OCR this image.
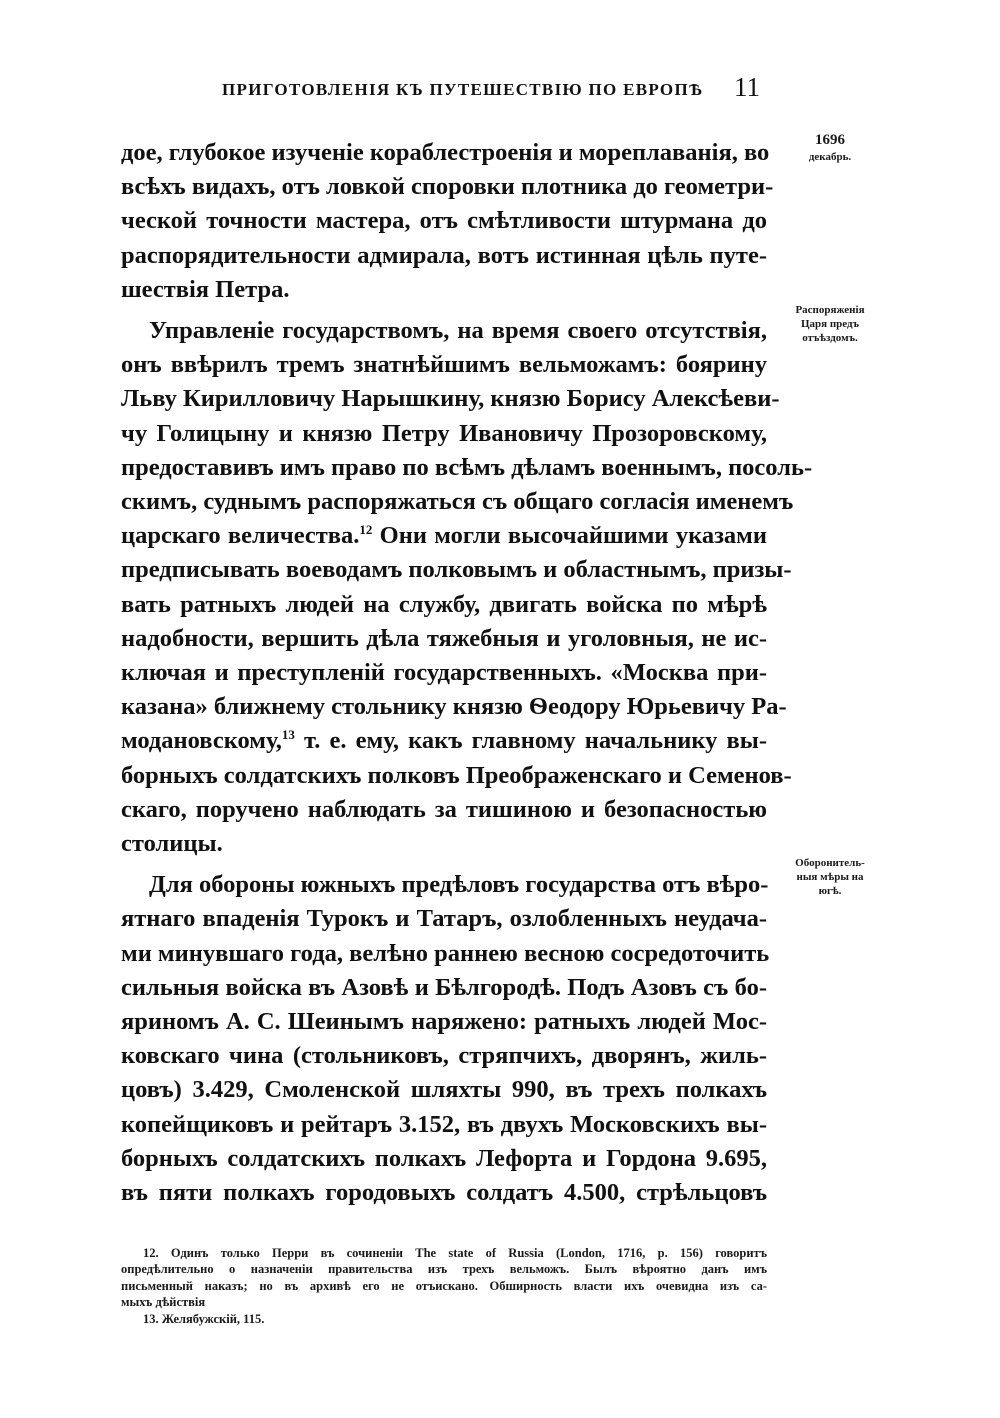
ПРИГОТОВЛЕНІЯ КЪ ПУТЕШЕСТВІЮ ПО ЕВРОПѢ 11
1696
декабрь.
Распоряженія
Царя предъ
отъѣздомъ.
Оборонитель-
ныя мѣры на
югѣ.
дое, глубокое изученіе кораблестроенія и мореплаванія, во
всѣхъ видахъ, отъ ловкой споровки плотника до геометри-
ческой точности мастера, отъ смѣтливости штурмана до
распорядительности адмирала, вотъ истинная цѣль путе-
шествія Петра.
Управленіе государствомъ, на время своего отсутствія,
онъ ввѣрилъ тремъ знатнѣйшимъ вельможамъ: боярину
Льву Кирилловичу Нарышкину, князю Борису Алексѣеви-
чу Голицыну и князю Петру Ивановичу Прозоровскому,
предоставивъ имъ право по всѣмъ дѣламъ военнымъ, посоль-
скимъ, суднымъ распоряжаться съ общаго согласія именемъ
царскаго величества.$^{12}$ Они могли высочайшими указами
предписывать воеводамъ полковымъ и областнымъ, призы-
вать ратныхъ людей на службу, двигать войска по мѣрѣ
надобности, вершить дѣла тяжебныя и уголовныя, не ис-
ключая и преступленій государственныхъ. «Москва при-
казана» ближнему стольнику князю Ѳеодору Юрьевичу Ра-
модановскому,$^{13}$ т. е. ему, какъ главному начальнику вы-
борныхъ солдатскихъ полковъ Преображенскаго и Семенов-
скаго, поручено наблюдать за тишиною и безопасностью
столицы.
Для обороны южныхъ предѣловъ государства отъ вѣро-
ятнаго впаденія Турокъ и Татаръ, озлобленныхъ неудача-
ми минувшаго года, велѣно раннею весною сосредоточить
сильныя войска въ Азовѣ и Бѣлгородѣ. Подъ Азовъ съ бо-
яриномъ А. С. Шеинымъ наряжено: ратныхъ людей Мос-
ковскаго чина (стольниковъ, стряпчихъ, дворянъ, жиль-
цовъ) 3.429, Смоленской шляхты 990, въ трехъ полкахъ
копейщиковъ и рейтаръ 3.152, въ двухъ Московскихъ вы-
борныхъ солдатскихъ полкахъ Лефорта и Гордона 9.695,
въ пяти полкахъ городовыхъ солдатъ 4.500, стрѣльцовъ
12. Одинъ только Перри въ сочиненіи The state of Russia (London, 1716, p. 156) говоритъ
опредѣлительно о назначеніи правительства изъ трехъ вельможъ. Былъ вѣроятно данъ имъ
письменный наказъ; но въ архивѣ его не отъискано. Обширность власти ихъ очевидна изъ са-
мыхъ дѣйствія
13. Желябужскій, 115.
